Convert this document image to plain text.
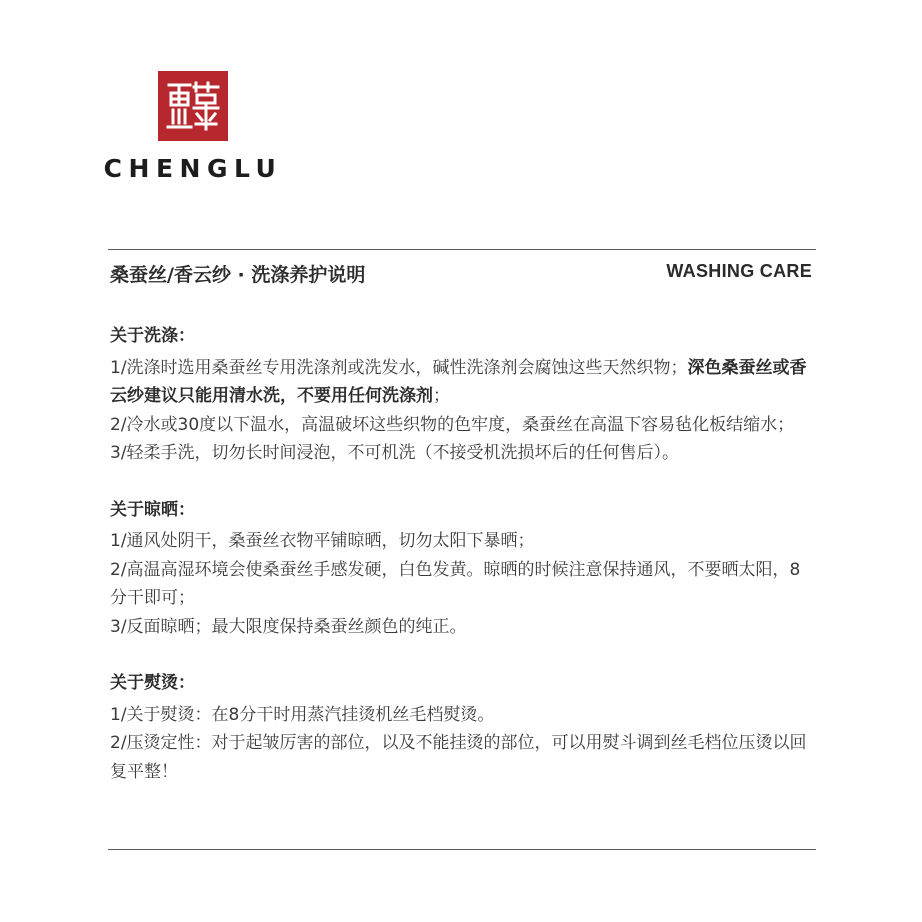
CHENGLU
桑蚕丝/香云纱 · 洗涤养护说明	WASHING CARE
关于洗涤：

1/洗涤时选用桑蚕丝专用洗涤剂或洗发水，碱性洗涤剂会腐蚀这些天然织物；深色桑蚕丝或香云纱建议只能用清水洗，不要用任何洗涤剂；

2/冷水或30度以下温水，高温破坏这些织物的色牢度，桑蚕丝在高温下容易毡化板结缩水；

3/轻柔手洗，切勿长时间浸泡，不可机洗（不接受机洗损坏后的任何售后）。

关于晾晒：

1/通风处阴干，桑蚕丝衣物平铺晾晒，切勿太阳下暴晒；

2/高温高湿环境会使桑蚕丝手感发硬，白色发黄。晾晒的时候注意保持通风，不要晒太阳，8分干即可；

3/反面晾晒；最大限度保持桑蚕丝颜色的纯正。

关于熨烫：

1/关于熨烫：在8分干时用蒸汽挂烫机丝毛档熨烫。

2/压烫定性：对于起皱厉害的部位，以及不能挂烫的部位，可以用熨斗调到丝毛档位压烫以回复平整！
